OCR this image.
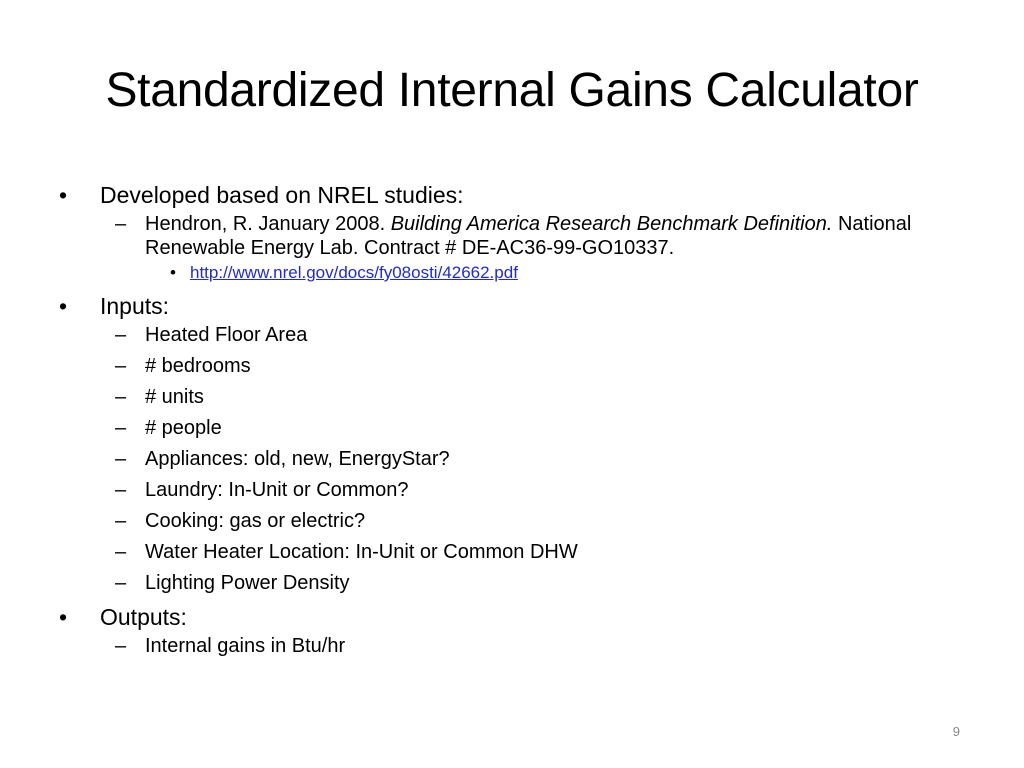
Standardized Internal Gains Calculator
• Developed based on NREL studies:
– Hendron, R. January 2008. Building America Research Benchmark Definition. National Renewable Energy Lab. Contract # DE-AC36-99-GO10337.
• http://www.nrel.gov/docs/fy08osti/42662.pdf
• Inputs:
– Heated Floor Area
– # bedrooms
– # units
– # people
– Appliances: old, new, EnergyStar?
– Laundry: In-Unit or Common?
– Cooking: gas or electric?
– Water Heater Location: In-Unit or Common DHW
– Lighting Power Density
• Outputs:
– Internal gains in Btu/hr
9
